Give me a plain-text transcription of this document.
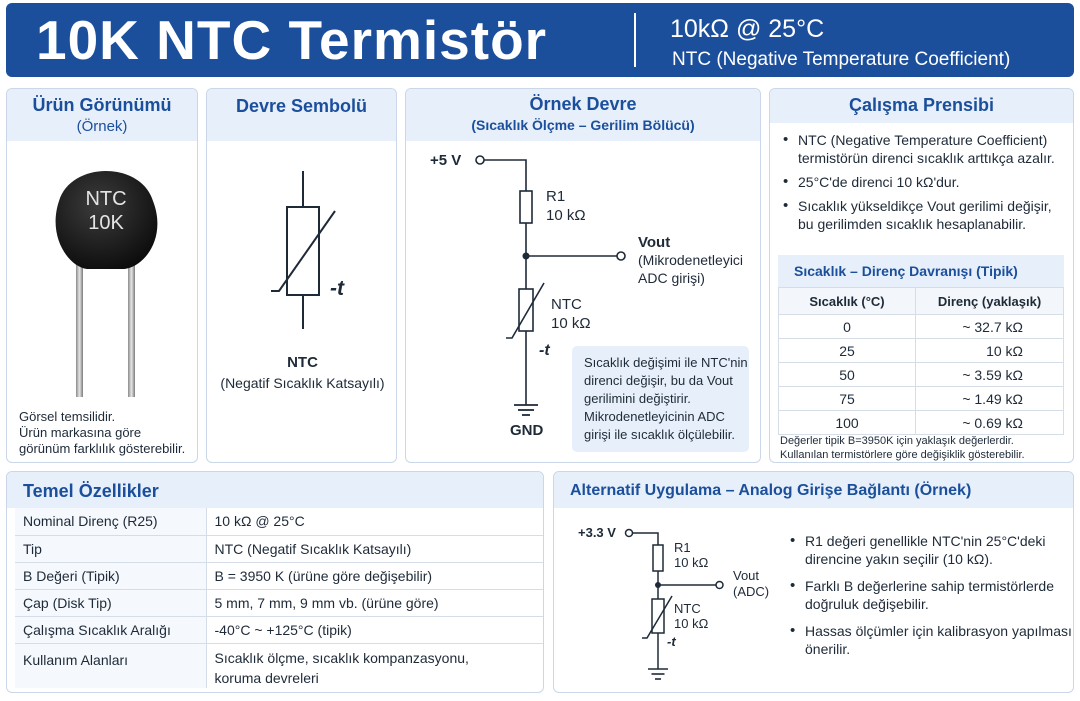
10K NTC Termistör	10kΩ @ 25°C
NTC (Negative Temperature Coefficient)
Ürün Görünümü
(Örnek)
NTC
10K
Görsel temsilidir.
Ürün markasına göre
görünüm farklılık gösterebilir.
Devre Sembolü
-t
NTC
(Negatif Sıcaklık Katsayılı)
Örnek Devre
(Sıcaklık Ölçme – Gerilim Bölücü)
+5 V
R1
10 kΩ
Vout
(Mikrodenetleyici
ADC girişi)
NTC
10 kΩ
-t
GND
Sıcaklık değişimi ile NTC'nin
direnci değişir, bu da Vout
gerilimini değiştirir.
Mikrodenetleyicinin ADC
girişi ile sıcaklık ölçülebilir.
Çalışma Prensibi
• NTC (Negative Temperature Coefficient)
termistörün direnci sıcaklık arttıkça azalır.
• 25°C'de direnci 10 kΩ'dur.
• Sıcaklık yükseldikçe Vout gerilimi değişir,
bu gerilimden sıcaklık hesaplanabilir.
Sıcaklık – Direnç Davranışı (Tipik)
Sıcaklık (°C)	Direnç (yaklaşık)
0	~ 32.7 kΩ
25	10 kΩ
50	~ 3.59 kΩ
75	~ 1.49 kΩ
100	~ 0.69 kΩ
Değerler tipik B=3950K için yaklaşık değerlerdir.
Kullanılan termistörlere göre değişiklik gösterebilir.
Temel Özellikler
Nominal Direnç (R25)	10 kΩ @ 25°C
Tip	NTC (Negatif Sıcaklık Katsayılı)
B Değeri (Tipik)	B = 3950 K (ürüne göre değişebilir)
Çap (Disk Tip)	5 mm, 7 mm, 9 mm vb. (ürüne göre)
Çalışma Sıcaklık Aralığı	-40°C ~ +125°C (tipik)
Kullanım Alanları	Sıcaklık ölçme, sıcaklık kompanzasyonu,
koruma devreleri
Alternatif Uygulama – Analog Girişe Bağlantı (Örnek)
+3.3 V
R1
10 kΩ
Vout
(ADC)
NTC
10 kΩ
-t
• R1 değeri genellikle NTC'nin 25°C'deki
direncine yakın seçilir (10 kΩ).
• Farklı B değerlerine sahip termistörlerde
doğruluk değişebilir.
• Hassas ölçümler için kalibrasyon yapılması
önerilir.
